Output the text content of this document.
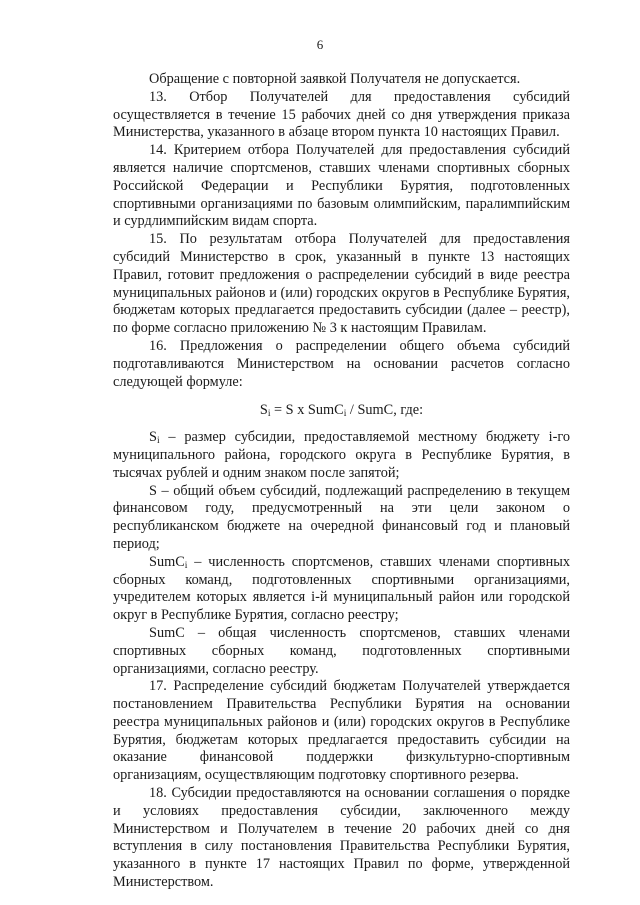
6

Обращение с повторной заявкой Получателя не допускается.

13. Отбор Получателей для предоставления субсидий осуществляется в течение 15 рабочих дней со дня утверждения приказа Министерства, указанного в абзаце втором пункта 10 настоящих Правил.

14. Критерием отбора Получателей для предоставления субсидий является наличие спортсменов, ставших членами спортивных сборных Российской Федерации и Республики Бурятия, подготовленных спортивными организациями по базовым олимпийским, паралимпийским и сурдлимпийским видам спорта.

15. По результатам отбора Получателей для предоставления субсидий Министерство в срок, указанный в пункте 13 настоящих Правил, готовит предложения о распределении субсидий в виде реестра муниципальных районов и (или) городских округов в Республике Бурятия, бюджетам которых предлагается предоставить субсидии (далее – реестр), по форме согласно приложению № 3 к настоящим Правилам.

16. Предложения о распределении общего объема субсидий подготавливаются Министерством на основании расчетов согласно следующей формуле:

$S_i = S$ x SumC$_i$ / SumC, где:

$S_i$ – размер субсидии, предоставляемой местному бюджету i-го муниципального района, городского округа в Республике Бурятия, в тысячах рублей и одним знаком после запятой;

S – общий объем субсидий, подлежащий распределению в текущем финансовом году, предусмотренный на эти цели законом о республиканском бюджете на очередной финансовый год и плановый период;

SumC$_i$ – численность спортсменов, ставших членами спортивных сборных команд, подготовленных спортивными организациями, учредителем которых является i-й муниципальный район или городской округ в Республике Бурятия, согласно реестру;

SumC – общая численность спортсменов, ставших членами спортивных сборных команд, подготовленных спортивными организациями, согласно реестру.

17. Распределение субсидий бюджетам Получателей утверждается постановлением Правительства Республики Бурятия на основании реестра муниципальных районов и (или) городских округов в Республике Бурятия, бюджетам которых предлагается предоставить субсидии на оказание финансовой поддержки физкультурно-спортивным организациям, осуществляющим подготовку спортивного резерва.

18. Субсидии предоставляются на основании соглашения о порядке и условиях предоставления субсидии, заключенного между Министерством и Получателем в течение 20 рабочих дней со дня вступления в силу постановления Правительства Республики Бурятия, указанного в пункте 17 настоящих Правил по форме, утвержденной Министерством.
